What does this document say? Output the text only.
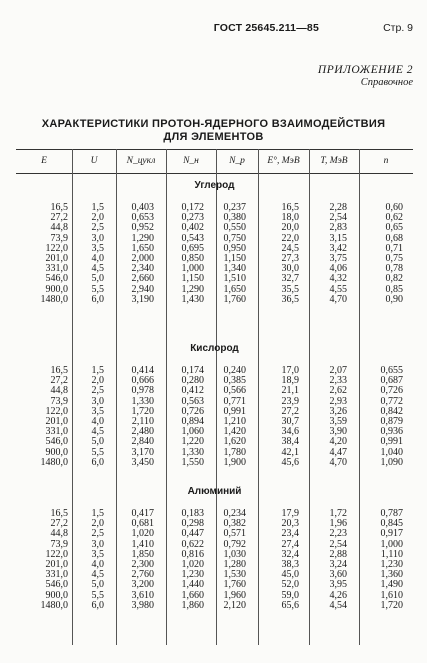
ГОСТ 25645.211—85	Стр. 9
ПРИЛОЖЕНИЕ 2
Справочное
ХАРАКТЕРИСТИКИ ПРОТОН-ЯДЕРНОГО ВЗАИМОДЕЙСТВИЯ
ДЛЯ ЭЛЕМЕНТОВ
E	U	N_цукл	N_н	N_p	E°, МэВ	T, МэВ	n
Углерод
16,5	1,5	0,403	0,172	0,237	16,5	2,28	0,60
27,2	2,0	0,653	0,273	0,380	18,0	2,54	0,62
44,8	2,5	0,952	0,402	0,550	20,0	2,83	0,65
73,9	3,0	1,290	0,543	0,750	22,0	3,15	0,68
122,0	3,5	1,650	0,695	0,950	24,5	3,42	0,71
201,0	4,0	2,000	0,850	1,150	27,3	3,75	0,75
331,0	4,5	2,340	1,000	1,340	30,0	4,06	0,78
546,0	5,0	2,660	1,150	1,510	32,7	4,32	0,82
900,0	5,5	2,940	1,290	1,650	35,5	4,55	0,85
1480,0	6,0	3,190	1,430	1,760	36,5	4,70	0,90
Кислород
16,5	1,5	0,414	0,174	0,240	17,0	2,07	0,655
27,2	2,0	0,666	0,280	0,385	18,9	2,33	0,687
44,8	2,5	0,978	0,412	0,566	21,1	2,62	0,726
73,9	3,0	1,330	0,563	0,771	23,9	2,93	0,772
122,0	3,5	1,720	0,726	0,991	27,2	3,26	0,842
201,0	4,0	2,110	0,894	1,210	30,7	3,59	0,879
331,0	4,5	2,480	1,060	1,420	34,6	3,90	0,936
546,0	5,0	2,840	1,220	1,620	38,4	4,20	0,991
900,0	5,5	3,170	1,330	1,780	42,1	4,47	1,040
1480,0	6,0	3,450	1,550	1,900	45,6	4,70	1,090
Алюминий
16,5	1,5	0,417	0,183	0,234	17,9	1,72	0,787
27,2	2,0	0,681	0,298	0,382	20,3	1,96	0,845
44,8	2,5	1,020	0,447	0,571	23,4	2,23	0,917
73,9	3,0	1,410	0,622	0,792	27,4	2,54	1,000
122,0	3,5	1,850	0,816	1,030	32,4	2,88	1,110
201,0	4,0	2,300	1,020	1,280	38,3	3,24	1,230
331,0	4,5	2,760	1,230	1,530	45,0	3,60	1,360
546,0	5,0	3,200	1,440	1,760	52,0	3,95	1,490
900,0	5,5	3,610	1,660	1,960	59,0	4,26	1,610
1480,0	6,0	3,980	1,860	2,120	65,6	4,54	1,720
